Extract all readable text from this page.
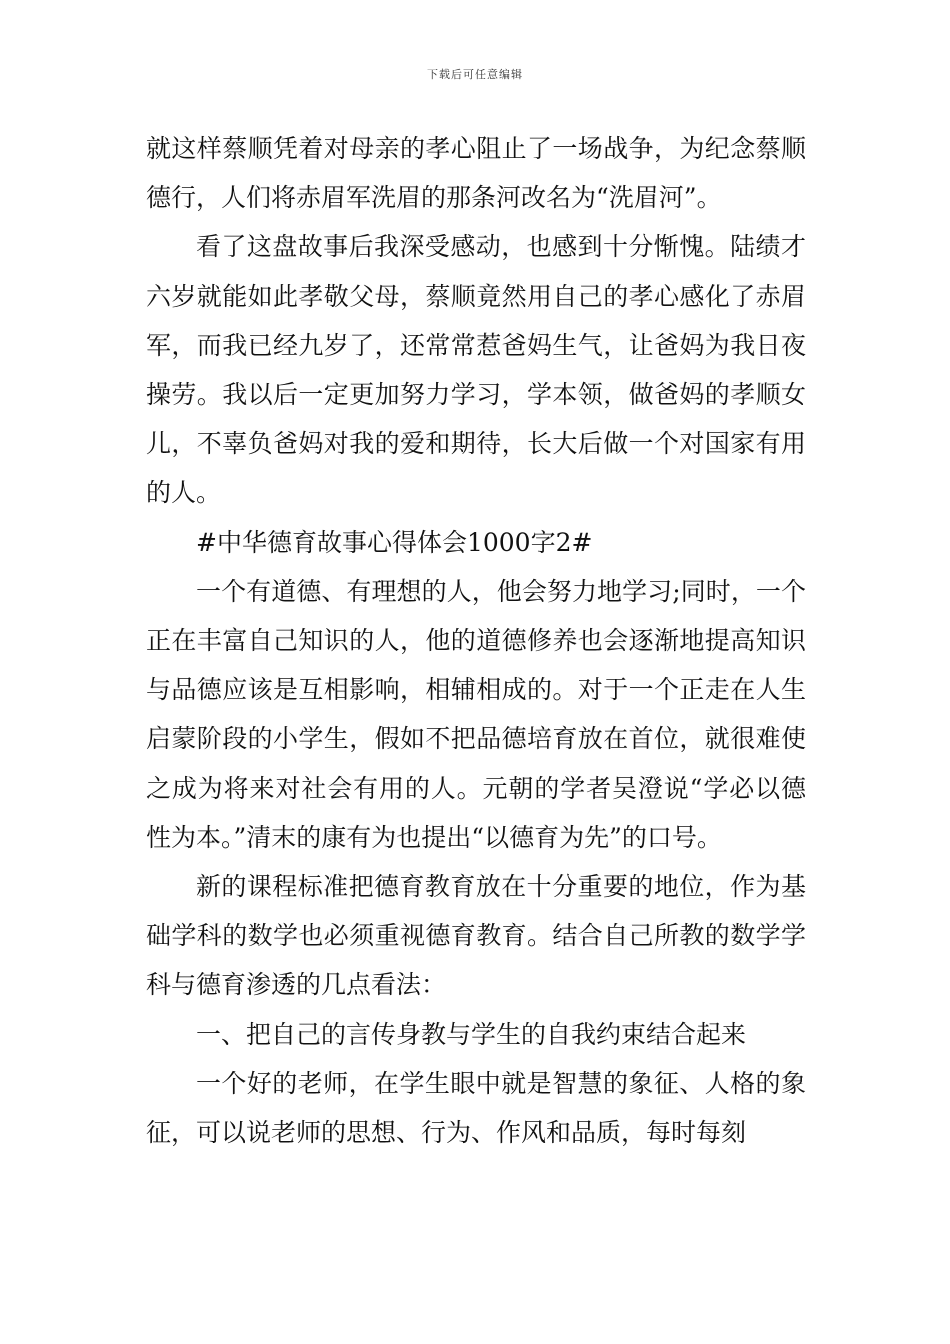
下载后可任意编辑

就这样蔡顺凭着对母亲的孝心阻止了一场战争，为纪念蔡顺德行，人们将赤眉军洗眉的那条河改名为“洗眉河”。

看了这盘故事后我深受感动，也感到十分惭愧。陆绩才六岁就能如此孝敬父母，蔡顺竟然用自己的孝心感化了赤眉军，而我已经九岁了，还常常惹爸妈生气，让爸妈为我日夜操劳。我以后一定更加努力学习，学本领，做爸妈的孝顺女儿，不辜负爸妈对我的爱和期待，长大后做一个对国家有用的人。

#中华德育故事心得体会1000字2#

一个有道德、有理想的人，他会努力地学习;同时，一个正在丰富自己知识的人，他的道德修养也会逐渐地提高知识与品德应该是互相影响，相辅相成的。对于一个正走在人生启蒙阶段的小学生，假如不把品德培育放在首位，就很难使之成为将来对社会有用的人。元朝的学者吴澄说“学必以德性为本。”清末的康有为也提出“以德育为先”的口号。

新的课程标准把德育教育放在十分重要的地位，作为基础学科的数学也必须重视德育教育。结合自己所教的数学学科与德育渗透的几点看法：

一、把自己的言传身教与学生的自我约束结合起来

一个好的老师，在学生眼中就是智慧的象征、人格的象征，可以说老师的思想、行为、作风和品质，每时每刻
